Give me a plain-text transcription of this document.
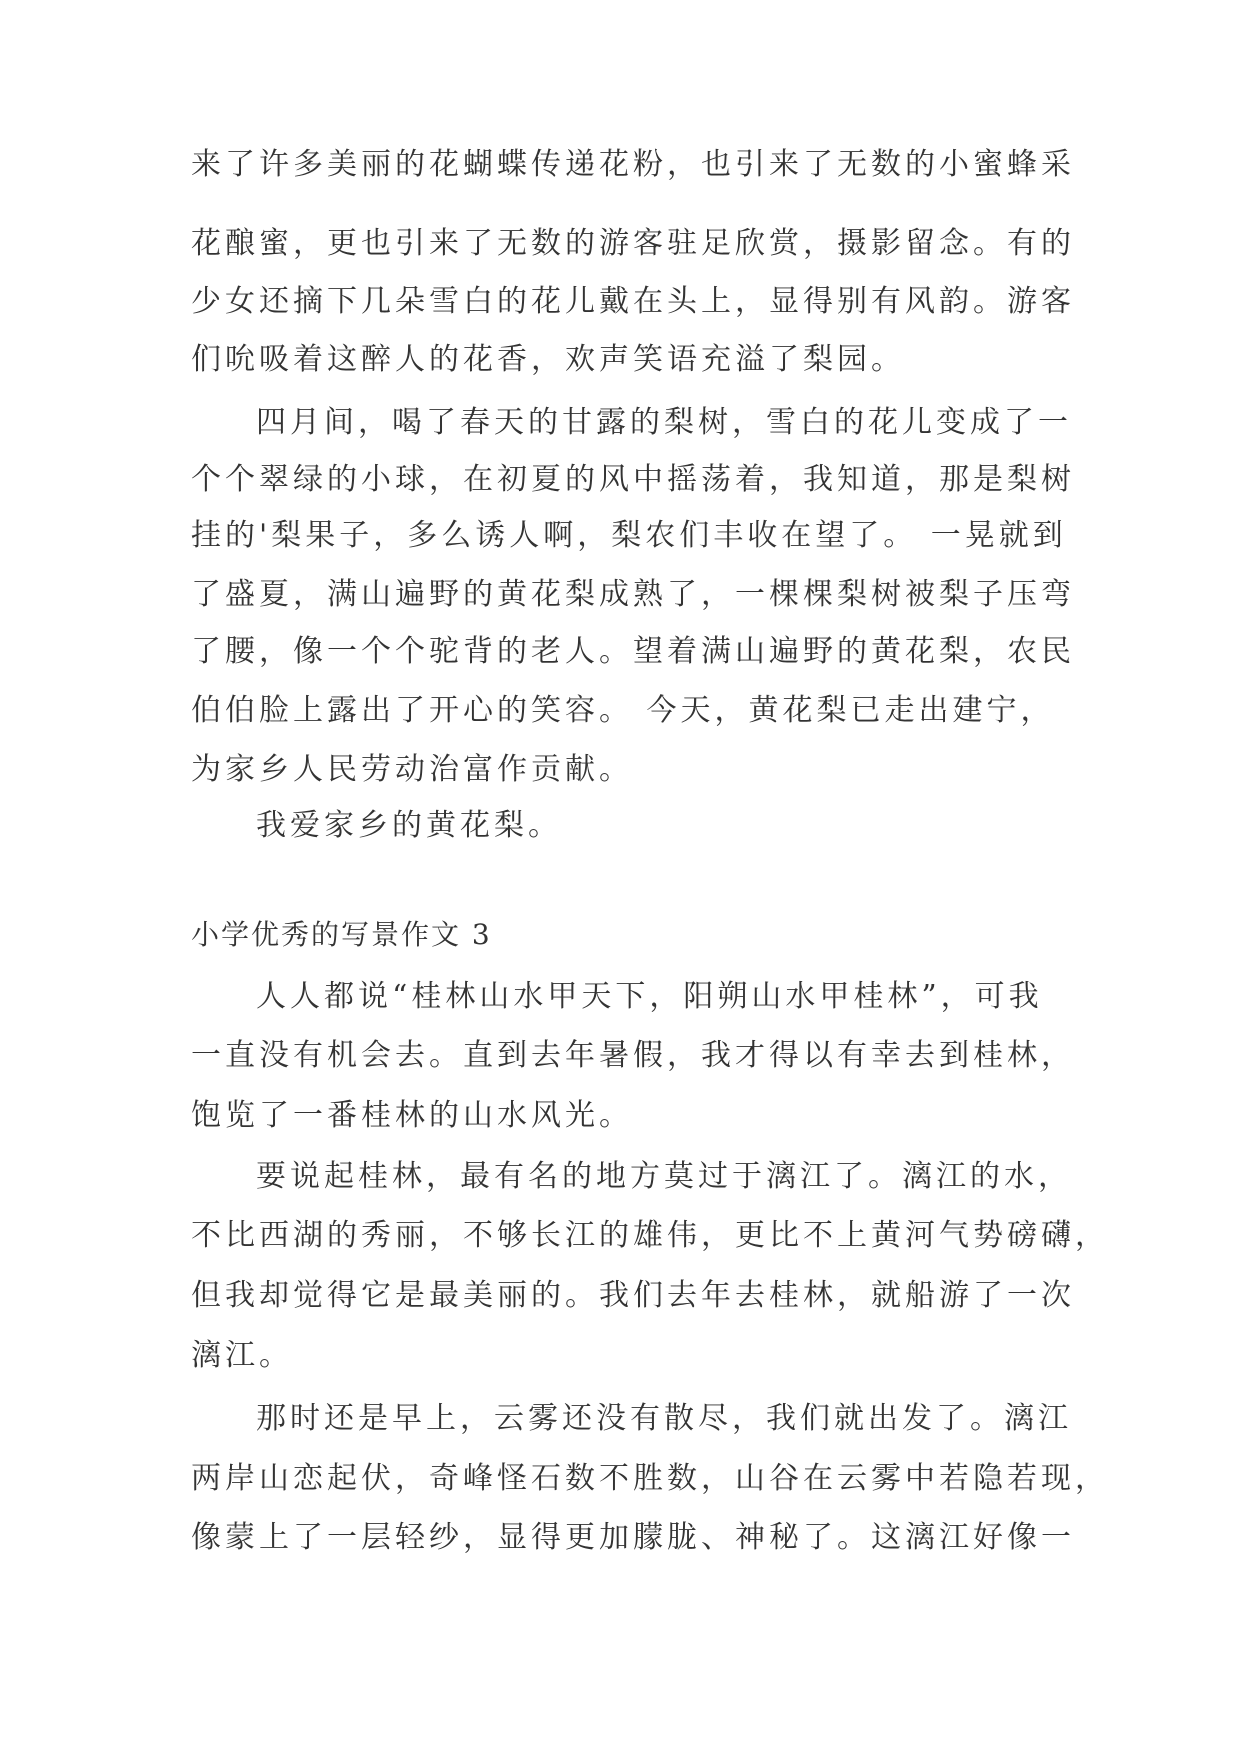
来了许多美丽的花蝴蝶传递花粉，也引来了无数的小蜜蜂采
花酿蜜，更也引来了无数的游客驻足欣赏，摄影留念。有的
少女还摘下几朵雪白的花儿戴在头上，显得别有风韵。游客
们吮吸着这醉人的花香，欢声笑语充溢了梨园。
四月间，喝了春天的甘露的梨树，雪白的花儿变成了一
个个翠绿的小球，在初夏的风中摇荡着，我知道，那是梨树
挂的'梨果子，多么诱人啊，梨农们丰收在望了。 一晃就到
了盛夏，满山遍野的黄花梨成熟了，一棵棵梨树被梨子压弯
了腰，像一个个驼背的老人。望着满山遍野的黄花梨，农民
伯伯脸上露出了开心的笑容。 今天，黄花梨已走出建宁，
为家乡人民劳动治富作贡献。
我爱家乡的黄花梨。
小学优秀的写景作文 3
人人都说“桂林山水甲天下，阳朔山水甲桂林”，可我
一直没有机会去。直到去年暑假，我才得以有幸去到桂林，
饱览了一番桂林的山水风光。
要说起桂林，最有名的地方莫过于漓江了。漓江的水，
不比西湖的秀丽，不够长江的雄伟，更比不上黄河气势磅礴，
但我却觉得它是最美丽的。我们去年去桂林，就船游了一次
漓江。
那时还是早上，云雾还没有散尽，我们就出发了。漓江
两岸山恋起伏，奇峰怪石数不胜数，山谷在云雾中若隐若现，
像蒙上了一层轻纱，显得更加朦胧、神秘了。这漓江好像一
